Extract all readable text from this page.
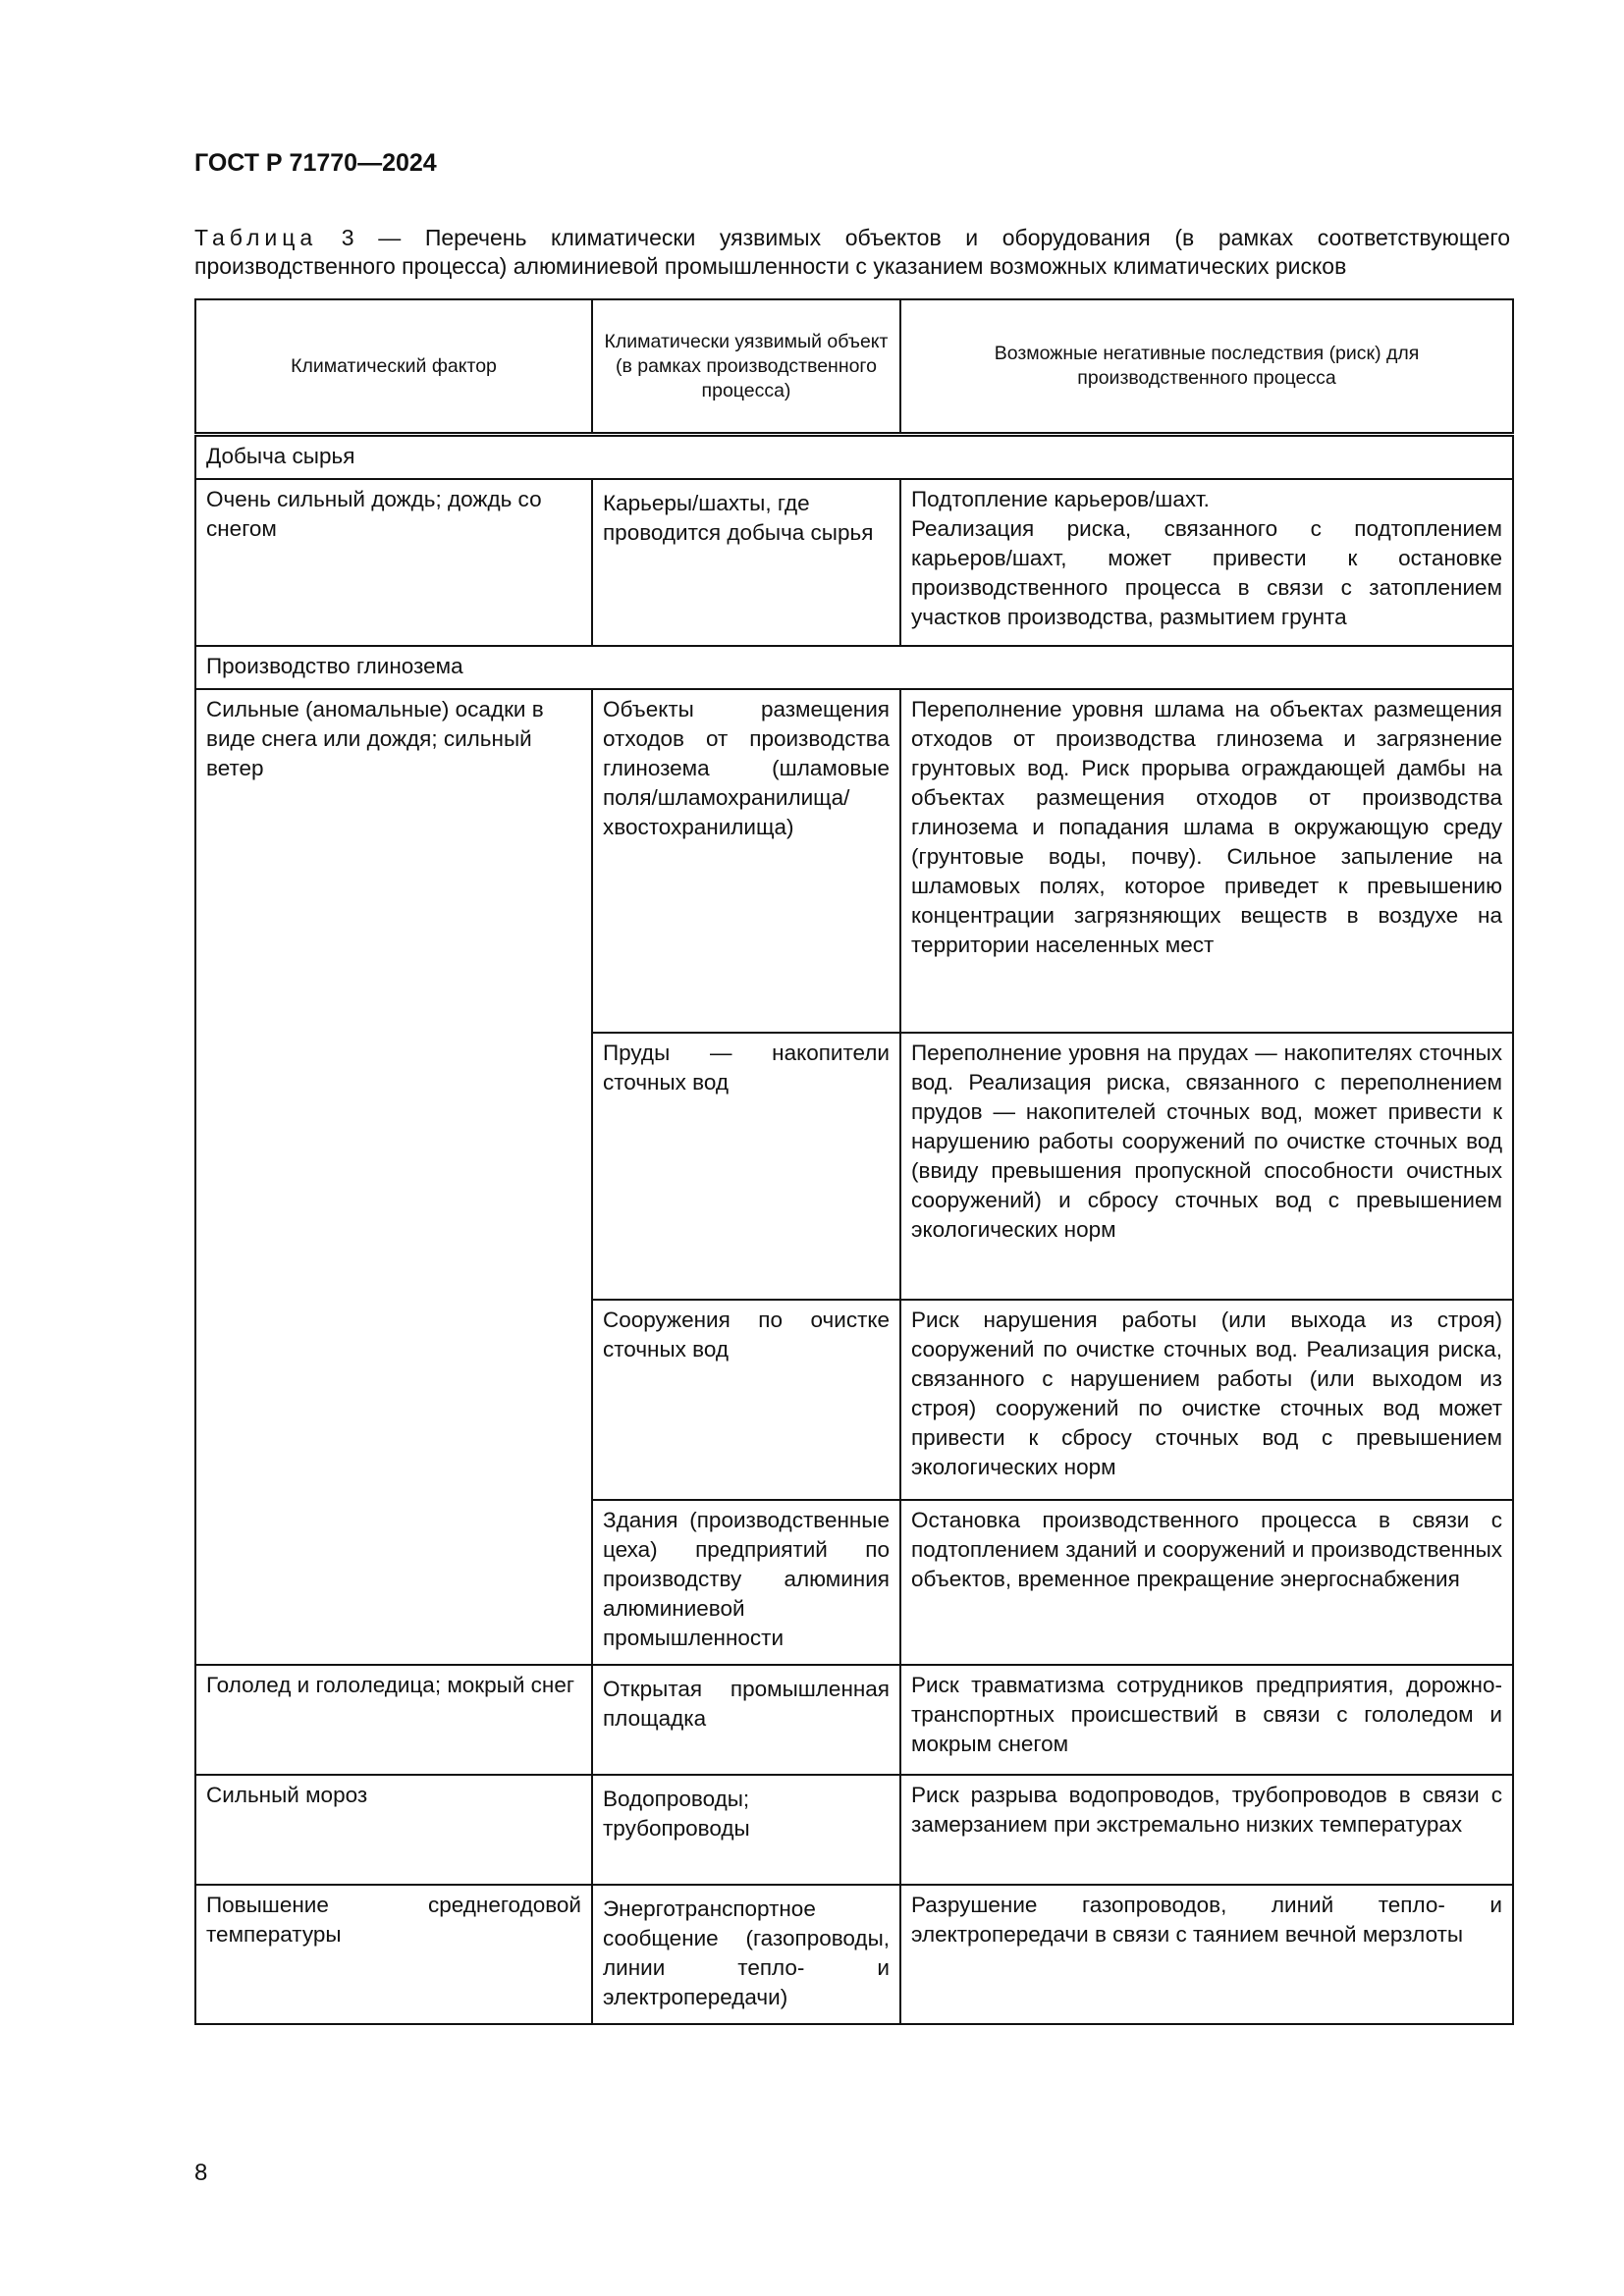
ГОСТ Р 71770—2024
Таблица 3 — Перечень климатически уязвимых объектов и оборудования (в рамках соответствующего производственного процесса) алюминиевой промышленности с указанием возможных климатических рисков
Климатический фактор	Климатически уязвимый объект (в рамках производственного процесса)	Возможные негативные последствия (риск) для производственного процесса
Добыча сырья		
Очень сильный дождь; дождь со снегом	Карьеры/шахты, где проводится добыча сырья	Подтопление карьеров/шахт.
Реализация риска, связанного с подтоплением карьеров/шахт, может привести к остановке производственного процесса в связи с затоплением участков производства, размытием грунта

Производство глинозема		
Сильные (аномальные) осадки в виде снега или дождя; сильный ветер	Объекты размещения отходов от производства глинозема (шламовые поля/шламохранилища/ хвостохранилища)	Переполнение уровня шлама на объектах размещения отходов от производства глинозема и загрязнение грунтовых вод. Риск прорыва ограждающей дамбы на объектах размещения отходов от производства глинозема и попадания шлама в окружающую среду (грунтовые воды, почву). Сильное запыление на шламовых полях, которое приведет к превышению концентрации загрязняющих веществ в воздухе на территории населенных мест
	Пруды — накопители сточных вод	Переполнение уровня на прудах — накопителях сточных вод. Реализация риска, связанного с переполнением прудов — накопителей сточных вод, может привести к нарушению работы сооружений по очистке сточных вод (ввиду превышения пропускной способности очистных сооружений) и сбросу сточных вод с превышением экологических норм
	Сооружения по очистке сточных вод	Риск нарушения работы (или выхода из строя) сооружений по очистке сточных вод. Реализация риска, связанного с нарушением работы (или выходом из строя) сооружений по очистке сточных вод может привести к сбросу сточных вод с превышением экологических норм
	Здания (производственные цеха) предприятий по производству алюминия алюминиевой промышленности	Остановка производственного процесса в связи с подтоплением зданий и сооружений и производственных объектов, временное прекращение энергоснабжения
Гололед и гололедица; мокрый снег	Открытая промышленная площадка	Риск травматизма сотрудников предприятия, дорожно-транспортных происшествий в связи с гололедом и мокрым снегом
Сильный мороз	Водопроводы; трубопроводы	Риск разрыва водопроводов, трубопроводов в связи с замерзанием при экстремально низких температурах
Повышение среднегодовой температуры	Энерготранспортное сообщение (газопроводы, линии тепло- и электропередачи)	Разрушение газопроводов, линий тепло- и электропередачи в связи с таянием вечной мерзлоты
8
